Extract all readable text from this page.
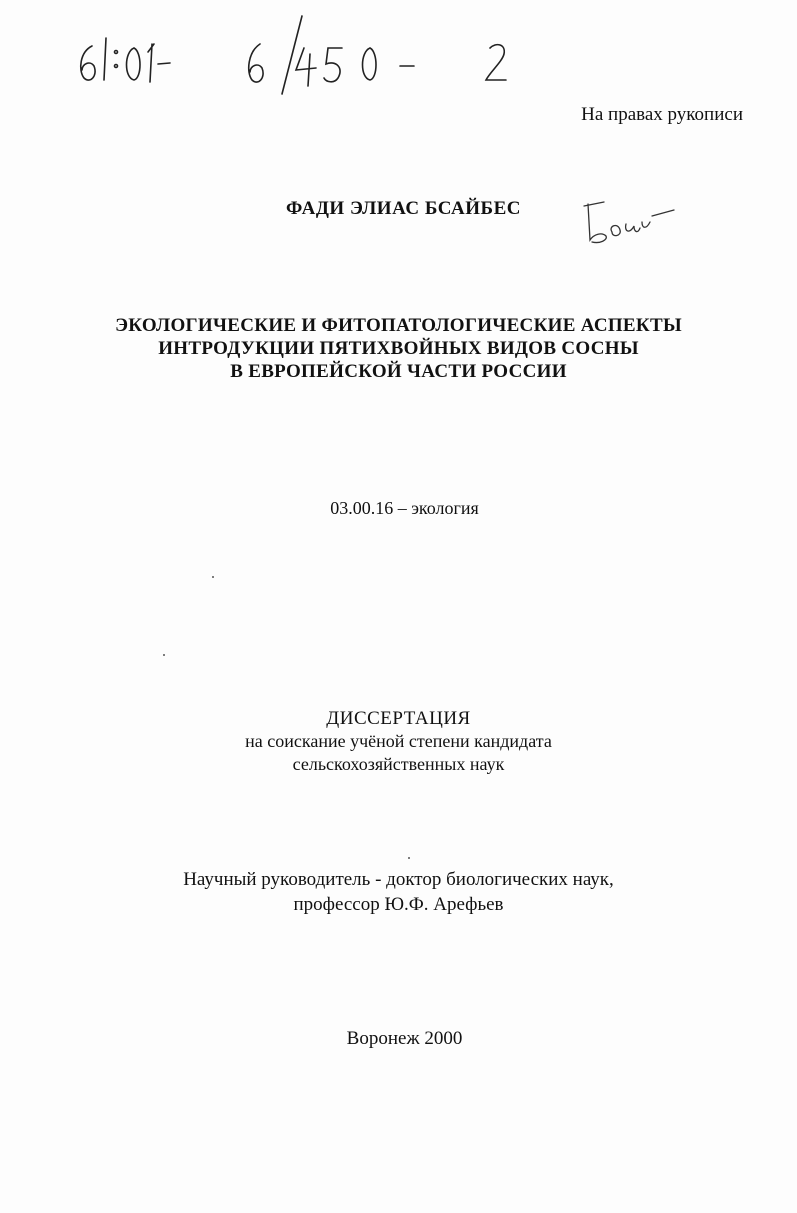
На правах рукописи
ФАДИ ЭЛИАС БСАЙБЕС
ЭКОЛОГИЧЕСКИЕ И ФИТОПАТОЛОГИЧЕСКИЕ АСПЕКТЫ
ИНТРОДУКЦИИ ПЯТИХВОЙНЫХ ВИДОВ СОСНЫ
В ЕВРОПЕЙСКОЙ ЧАСТИ РОССИИ
03.00.16 – экология
ДИССЕРТАЦИЯ
на соискание учёной степени кандидата
сельскохозяйственных наук
Научный руководитель - доктор биологических наук,
профессор Ю.Ф. Арефьев
Воронеж 2000
